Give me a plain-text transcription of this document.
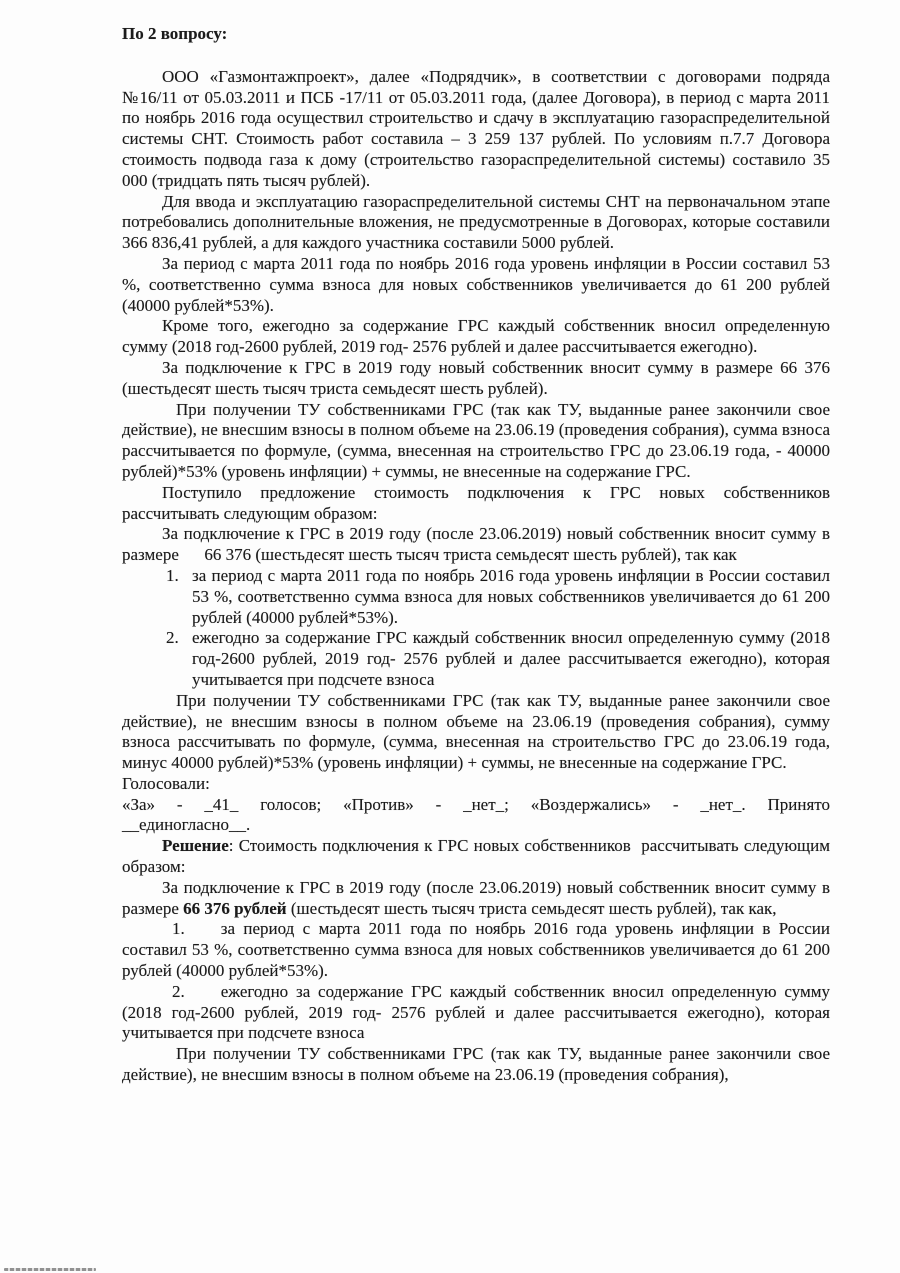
По 2 вопросу:

ООО «Газмонтажпроект», далее «Подрядчик», в соответствии с договорами подряда №16/11 от 05.03.2011 и ПСБ -17/11 от 05.03.2011 года, (далее Договора), в период с марта 2011 по ноябрь 2016 года осуществил строительство и сдачу в эксплуатацию газораспределительной системы СНТ. Стоимость работ составила – 3 259 137 рублей. По условиям п.7.7 Договора стоимость подвода газа к дому (строительство газораспределительной системы) составило 35 000 (тридцать пять тысяч рублей).

Для ввода и эксплуатацию газораспределительной системы СНТ на первоначальном этапе потребовались дополнительные вложения, не предусмотренные в Договорах, которые составили 366 836,41 рублей, а для каждого участника составили 5000 рублей.

За период с марта 2011 года по ноябрь 2016 года уровень инфляции в России составил 53 %, соответственно сумма взноса для новых собственников увеличивается до 61 200 рублей (40000 рублей*53%).

Кроме того, ежегодно за содержание ГРС каждый собственник вносил определенную сумму (2018 год-2600 рублей, 2019 год- 2576 рублей и далее рассчитывается ежегодно).

За подключение к ГРС в 2019 году новый собственник вносит сумму в размере 66 376 (шестьдесят шесть тысяч триста семьдесят шесть рублей).

При получении ТУ собственниками ГРС (так как ТУ, выданные ранее закончили свое действие), не внесшим взносы в полном объеме на 23.06.19 (проведения собрания), сумма взноса рассчитывается по формуле, (сумма, внесенная на строительство ГРС до 23.06.19 года, - 40000 рублей)*53% (уровень инфляции) + суммы, не внесенные на содержание ГРС.

Поступило предложение стоимость подключения к ГРС новых собственников рассчитывать следующим образом:

За подключение к ГРС в 2019 году (после 23.06.2019) новый собственник вносит сумму в размере      66 376 (шестьдесят шесть тысяч триста семьдесят шесть рублей), так как

1. за период с марта 2011 года по ноябрь 2016 года уровень инфляции в России составил 53 %, соответственно сумма взноса для новых собственников увеличивается до 61 200 рублей (40000 рублей*53%).
2. ежегодно за содержание ГРС каждый собственник вносил определенную сумму (2018 год-2600 рублей, 2019 год- 2576 рублей и далее рассчитывается ежегодно), которая учитывается при подсчете взноса

При получении ТУ собственниками ГРС (так как ТУ, выданные ранее закончили свое действие), не внесшим взносы в полном объеме на 23.06.19 (проведения собрания), сумму взноса рассчитывать по формуле, (сумма, внесенная на строительство ГРС до 23.06.19 года, минус 40000 рублей)*53% (уровень инфляции) + суммы, не внесенные на содержание ГРС.

Голосовали:

«За» - _41_ голосов; «Против» - _нет_; «Воздержались» - _нет_. Принято __единогласно__.

Решение: Стоимость подключения к ГРС новых собственников  рассчитывать следующим образом:

За подключение к ГРС в 2019 году (после 23.06.2019) новый собственник вносит сумму в размере 66 376 рублей (шестьдесят шесть тысяч триста семьдесят шесть рублей), так как,

1. за период с марта 2011 года по ноябрь 2016 года уровень инфляции в России составил 53 %, соответственно сумма взноса для новых собственников увеличивается до 61 200 рублей (40000 рублей*53%).

2. ежегодно за содержание ГРС каждый собственник вносил определенную сумму (2018 год-2600 рублей, 2019 год- 2576 рублей и далее рассчитывается ежегодно), которая учитывается при подсчете взноса

При получении ТУ собственниками ГРС (так как ТУ, выданные ранее закончили свое действие), не внесшим взносы в полном объеме на 23.06.19 (проведения собрания),
